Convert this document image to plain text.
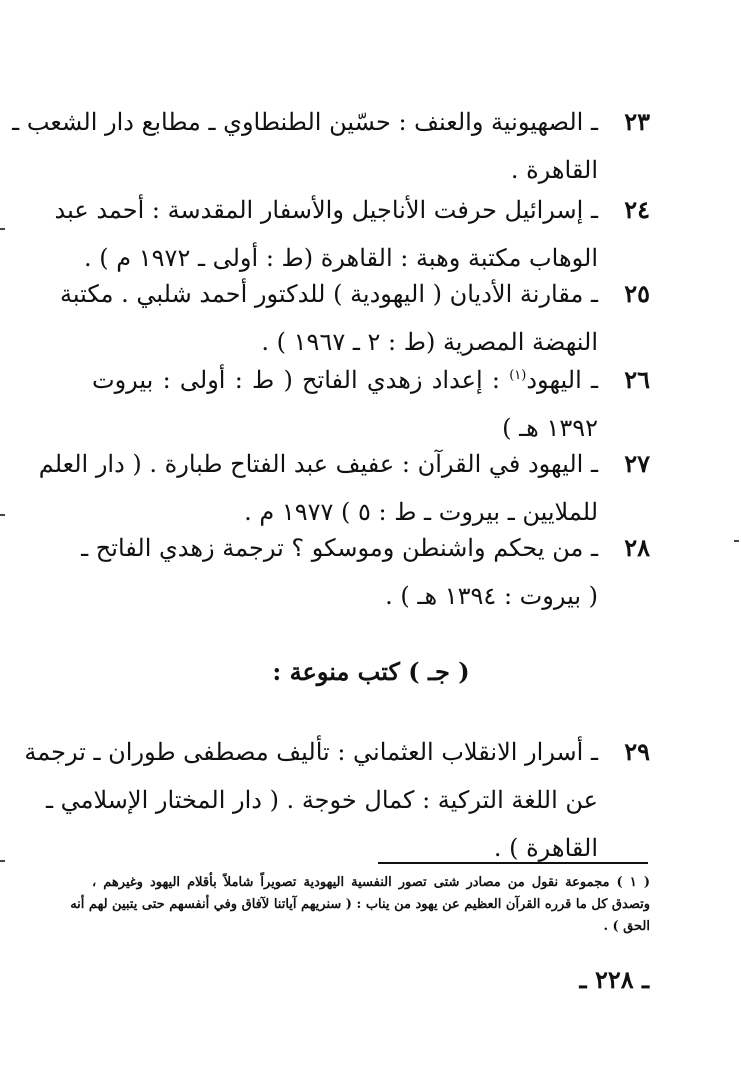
٢٣
ـ الصهيونية والعنف : حسّين الطنطاوي ـ مطابع دار الشعب ـ
القاهرة .
٢٤
ـ إسرائيل حرفت الأناجيل والأسفار المقدسة : أحمد عبد
الوهاب مكتبة وهبة : القاهرة (ط : أولى ـ ١٩٧٢ م ) .
٢٥
ـ مقارنة الأديان ( اليهودية ) للدكتور أحمد شلبي . مكتبة
النهضة المصرية (ط : ٢ ـ ١٩٦٧ ) .
٢٦
ـ اليهود$^{(١)}$ : إعداد زهدي الفاتح ( ط : أولى : بيروت
١٣٩٢ هـ )
٢٧
ـ اليهود في القرآن : عفيف عبد الفتاح طبارة . ( دار العلم
للملايين ـ بيروت ـ ط : ٥ ) ١٩٧٧ م .
٢٨
ـ من يحكم واشنطن وموسكو ؟ ترجمة زهدي الفاتح ـ
( بيروت : ١٣٩٤ هـ ) .
( جـ ) كتب منوعة :
٢٩
ـ أسرار الانقلاب العثماني : تأليف مصطفى طوران ـ ترجمة
عن اللغة التركية : كمال خوجة . ( دار المختار الإسلامي ـ
القاهرة ) .
( ١ ) مجموعة نقول من مصادر شتى تصور النفسية اليهودية تصويراً شاملاً بأقلام اليهود وغيرهم ،
وتصدق كل ما قرره القرآن العظيم عن يهود من يناب : ( سنريهم آياتنا لآفاق وفي أنفسهم حتى يتبين لهم أنه
الحق ) .
ـ ٢٢٨ ـ
